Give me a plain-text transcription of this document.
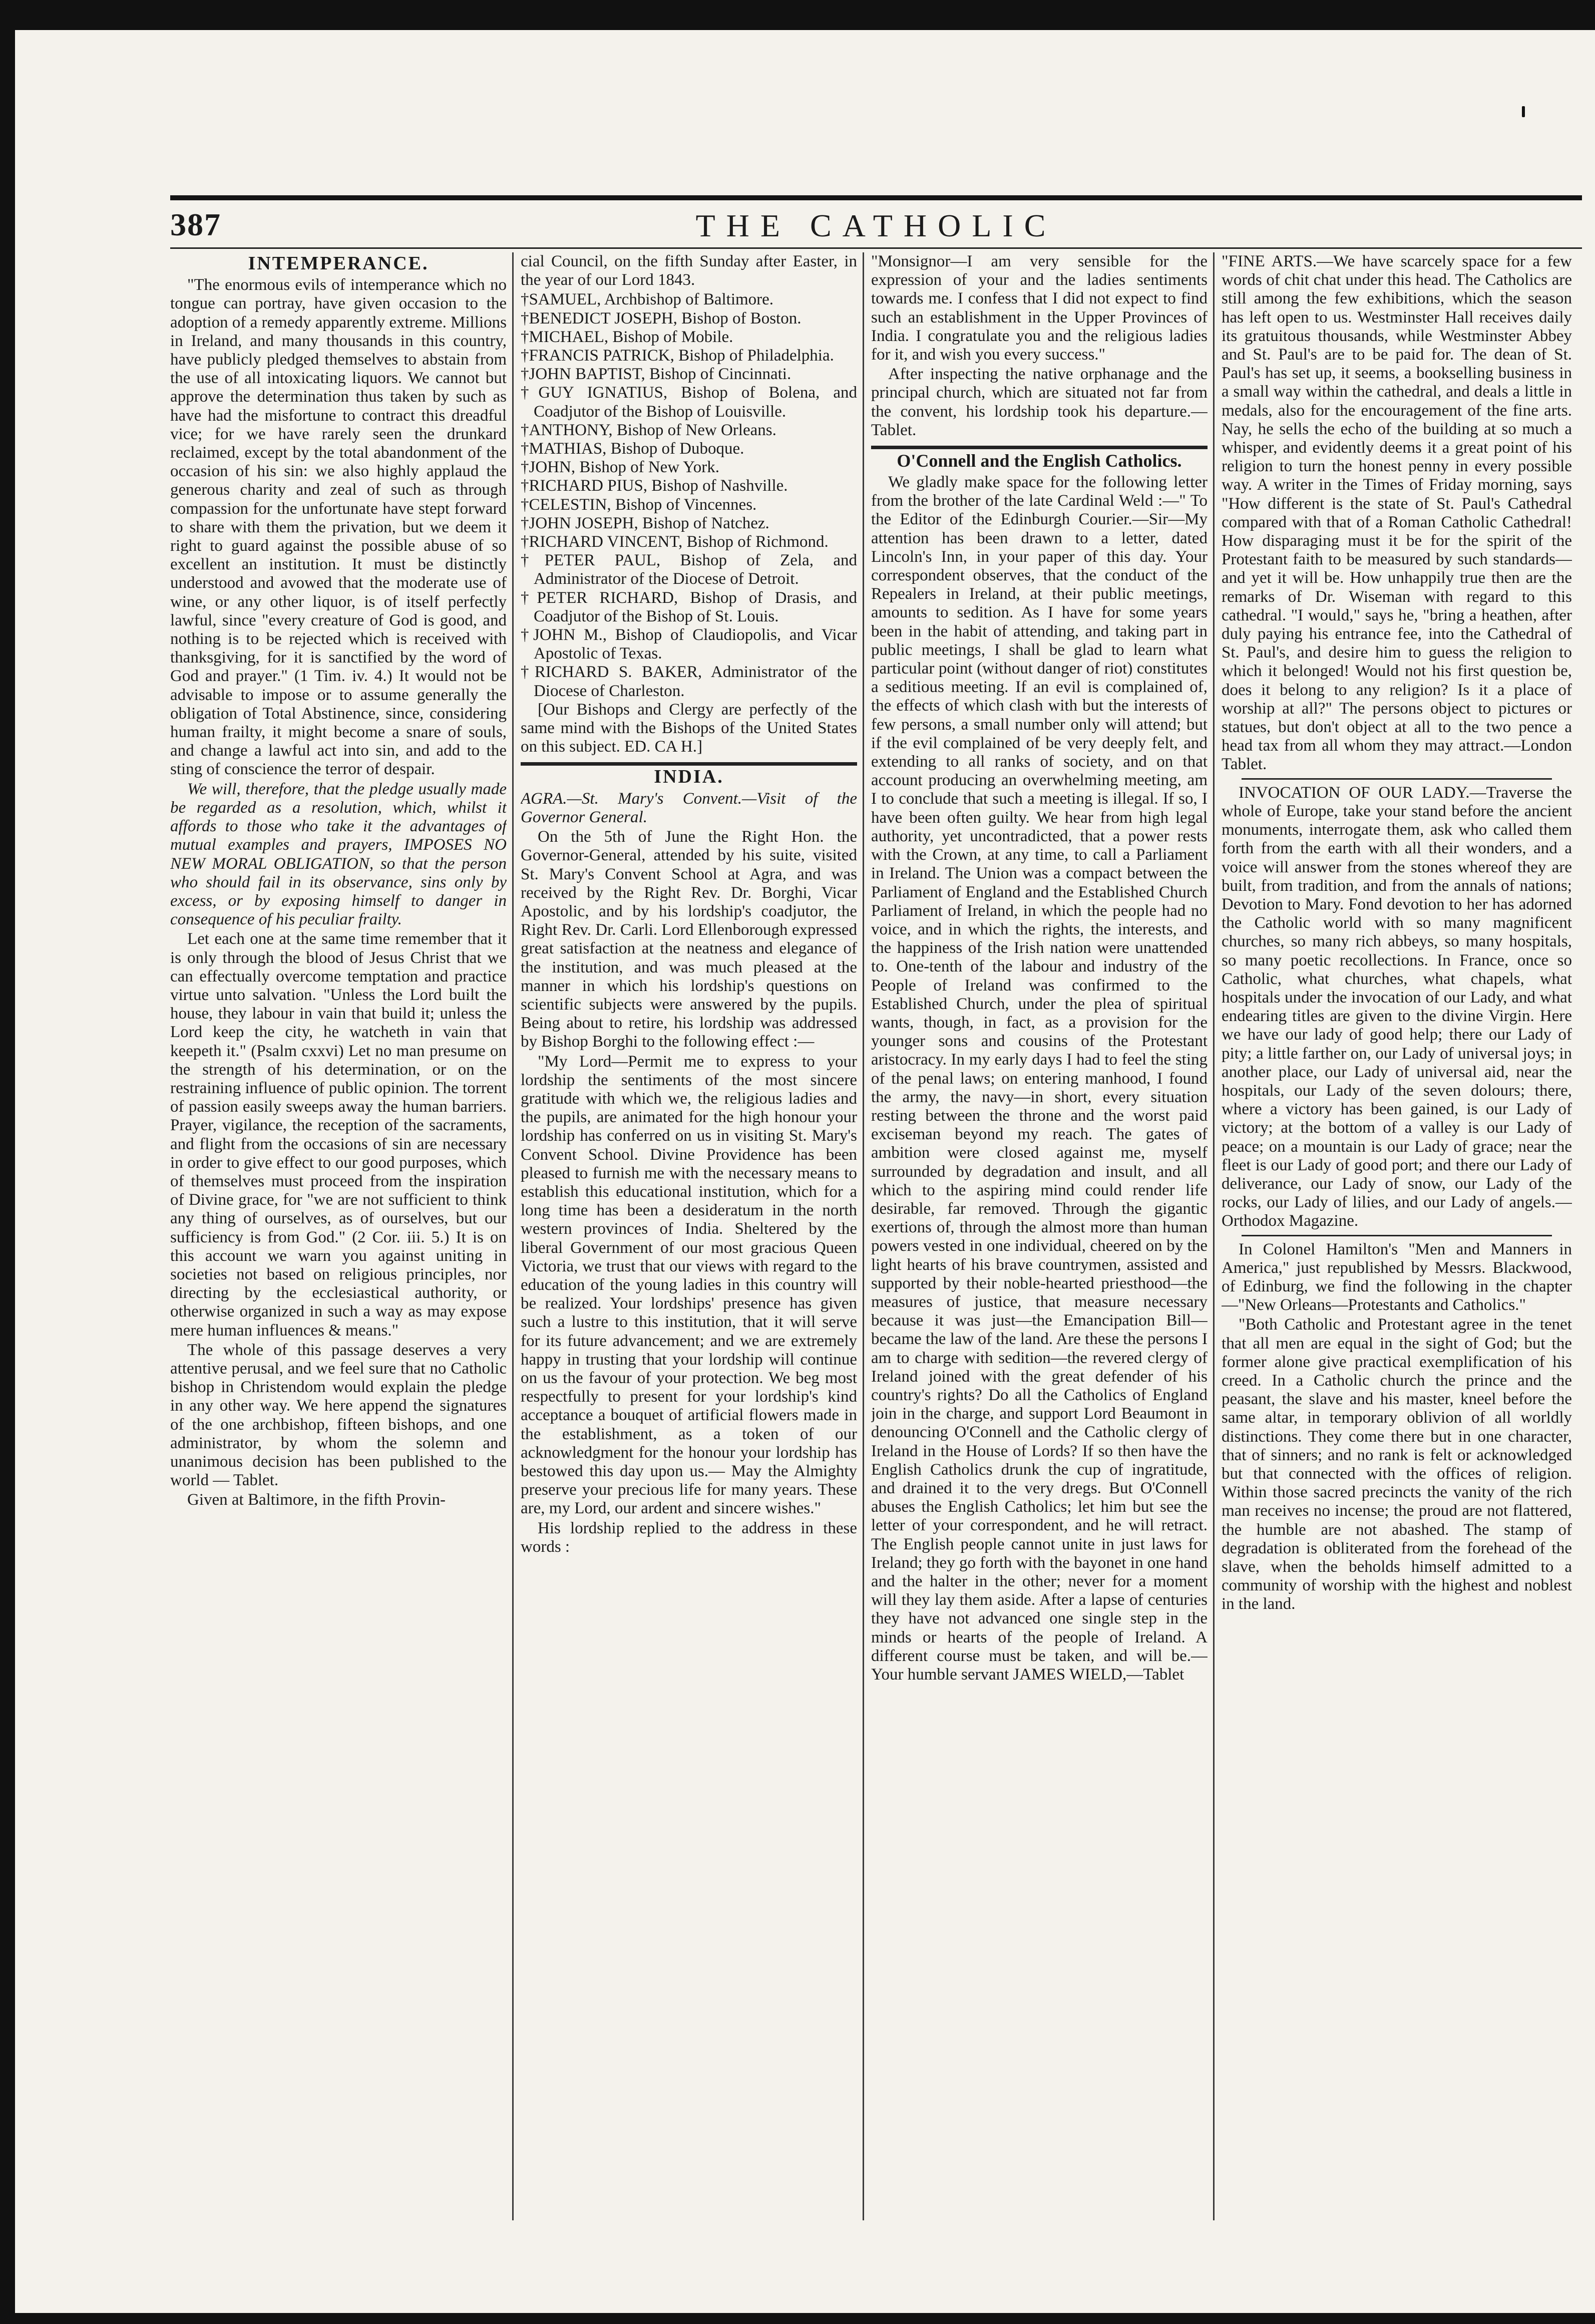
387	THE CATHOLIC
INTEMPERANCE.

"The enormous evils of intemperance which no tongue can portray, have given occasion to the adoption of a remedy apparently extreme. Millions in Ireland, and many thousands in this country, have publicly pledged themselves to abstain from the use of all intoxicating liquors. We cannot but approve the determination thus taken by such as have had the misfortune to contract this dreadful vice; for we have rarely seen the drunkard reclaimed, except by the total abandonment of the occasion of his sin: we also highly applaud the generous charity and zeal of such as through compassion for the unfortunate have stept forward to share with them the privation, but we deem it right to guard against the possible abuse of so excellent an institution. It must be distinctly understood and avowed that the moderate use of wine, or any other liquor, is of itself perfectly lawful, since "every creature of God is good, and nothing is to be rejected which is received with thanksgiving, for it is sanctified by the word of God and prayer." (1 Tim. iv. 4.) It would not be advisable to impose or to assume generally the obligation of Total Abstinence, since, considering human frailty, it might become a snare of souls, and change a lawful act into sin, and add to the sting of conscience the terror of despair.

We will, therefore, that the pledge usually made be regarded as a resolution, which, whilst it affords to those who take it the advantages of mutual examples and prayers, IMPOSES NO NEW MORAL OBLIGATION, so that the person who should fail in its observance, sins only by excess, or by exposing himself to danger in consequence of his peculiar frailty.

Let each one at the same time remember that it is only through the blood of Jesus Christ that we can effectually overcome temptation and practice virtue unto salvation. "Unless the Lord built the house, they labour in vain that build it; unless the Lord keep the city, he watcheth in vain that keepeth it." (Psalm cxxvi) Let no man presume on the strength of his determination, or on the restraining influence of public opinion. The torrent of passion easily sweeps away the human barriers. Prayer, vigilance, the reception of the sacraments, and flight from the occasions of sin are necessary in order to give effect to our good purposes, which of themselves must proceed from the inspiration of Divine grace, for "we are not sufficient to think any thing of ourselves, as of ourselves, but our sufficiency is from God." (2 Cor. iii. 5.) It is on this account we warn you against uniting in societies not based on religious principles, nor directing by the ecclesiastical authority, or otherwise organized in such a way as may expose mere human influences & means."

The whole of this passage deserves a very attentive perusal, and we feel sure that no Catholic bishop in Christendom would explain the pledge in any other way. We here append the signatures of the one archbishop, fifteen bishops, and one administrator, by whom the solemn and unanimous decision has been published to the world — Tablet.

Given at Baltimore, in the fifth Provin-

cial Council, on the fifth Sunday after Easter, in the year of our Lord 1843.

†SAMUEL, Archbishop of Baltimore.
†BENEDICT JOSEPH, Bishop of Boston.
†MICHAEL, Bishop of Mobile.
†FRANCIS PATRICK, Bishop of Philadelphia.
†JOHN BAPTIST, Bishop of Cincinnati.
†GUY IGNATIUS, Bishop of Bolena, and Coadjutor of the Bishop of Louisville.
†ANTHONY, Bishop of New Orleans.
†MATHIAS, Bishop of Duboque.
†JOHN, Bishop of New York.
†RICHARD PIUS, Bishop of Nashville.
†CELESTIN, Bishop of Vincennes.
†JOHN JOSEPH, Bishop of Natchez.
†RICHARD VINCENT, Bishop of Richmond.
†PETER PAUL, Bishop of Zela, and Administrator of the Diocese of Detroit.
†PETER RICHARD, Bishop of Drasis, and Coadjutor of the Bishop of St. Louis.
†JOHN M., Bishop of Claudiopolis, and Vicar Apostolic of Texas.
†RICHARD S. BAKER, Administrator of the Diocese of Charleston.

[Our Bishops and Clergy are perfectly of the same mind with the Bishops of the United States on this subject. ED. CA H.]

INDIA.

AGRA.—St. Mary's Convent.—Visit of the Governor General.

On the 5th of June the Right Hon. the Governor-General, attended by his suite, visited St. Mary's Convent School at Agra, and was received by the Right Rev. Dr. Borghi, Vicar Apostolic, and by his lordship's coadjutor, the Right Rev. Dr. Carli. Lord Ellenborough expressed great satisfaction at the neatness and elegance of the institution, and was much pleased at the manner in which his lordship's questions on scientific subjects were answered by the pupils. Being about to retire, his lordship was addressed by Bishop Borghi to the following effect :—

"My Lord—Permit me to express to your lordship the sentiments of the most sincere gratitude with which we, the religious ladies and the pupils, are animated for the high honour your lordship has conferred on us in visiting St. Mary's Convent School. Divine Providence has been pleased to furnish me with the necessary means to establish this educational institution, which for a long time has been a desideratum in the north western provinces of India. Sheltered by the liberal Government of our most gracious Queen Victoria, we trust that our views with regard to the education of the young ladies in this country will be realized. Your lordships' presence has given such a lustre to this institution, that it will serve for its future advancement; and we are extremely happy in trusting that your lordship will continue on us the favour of your protection. We beg most respectfully to present for your lordship's kind acceptance a bouquet of artificial flowers made in the establishment, as a token of our acknowledgment for the honour your lordship has bestowed this day upon us.— May the Almighty preserve your precious life for many years. These are, my Lord, our ardent and sincere wishes."

His lordship replied to the address in these words :

"Monsignor—I am very sensible for the expression of your and the ladies sentiments towards me. I confess that I did not expect to find such an establishment in the Upper Provinces of India. I congratulate you and the religious ladies for it, and wish you every success."

After inspecting the native orphanage and the principal church, which are situated not far from the convent, his lordship took his departure.— Tablet.

O'Connell and the English Catholics.

We gladly make space for the following letter from the brother of the late Cardinal Weld :—" To the Editor of the Edinburgh Courier.—Sir—My attention has been drawn to a letter, dated Lincoln's Inn, in your paper of this day. Your correspondent observes, that the conduct of the Repealers in Ireland, at their public meetings, amounts to sedition. As I have for some years been in the habit of attending, and taking part in public meetings, I shall be glad to learn what particular point (without danger of riot) constitutes a seditious meeting. If an evil is complained of, the effects of which clash with but the interests of few persons, a small number only will attend; but if the evil complained of be very deeply felt, and extending to all ranks of society, and on that account producing an overwhelming meeting, am I to conclude that such a meeting is illegal. If so, I have been often guilty. We hear from high legal authority, yet uncontradicted, that a power rests with the Crown, at any time, to call a Parliament in Ireland. The Union was a compact between the Parliament of England and the Established Church Parliament of Ireland, in which the people had no voice, and in which the rights, the interests, and the happiness of the Irish nation were unattended to. One-tenth of the labour and industry of the People of Ireland was confirmed to the Established Church, under the plea of spiritual wants, though, in fact, as a provision for the younger sons and cousins of the Protestant aristocracy. In my early days I had to feel the sting of the penal laws; on entering manhood, I found the army, the navy—in short, every situation resting between the throne and the worst paid exciseman beyond my reach. The gates of ambition were closed against me, myself surrounded by degradation and insult, and all which to the aspiring mind could render life desirable, far removed. Through the gigantic exertions of, through the almost more than human powers vested in one individual, cheered on by the light hearts of his brave countrymen, assisted and supported by their noble-hearted priesthood—the measures of justice, that measure necessary because it was just—the Emancipation Bill—became the law of the land. Are these the persons I am to charge with sedition—the revered clergy of Ireland joined with the great defender of his country's rights? Do all the Catholics of England join in the charge, and support Lord Beaumont in denouncing O'Connell and the Catholic clergy of Ireland in the House of Lords? If so then have the English Catholics drunk the cup of ingratitude, and drained it to the very dregs. But O'Connell abuses the English Catholics; let him but see the letter of your correspondent, and he will retract. The English people cannot unite in just laws for Ireland; they go forth with the bayonet in one hand and the halter in the other; never for a moment will they lay them aside. After a lapse of centuries they have not advanced one single step in the minds or hearts of the people of Ireland. A different course must be taken, and will be.— Your humble servant JAMES WIELD,—Tablet

"FINE ARTS.—We have scarcely space for a few words of chit chat under this head. The Catholics are still among the few exhibitions, which the season has left open to us. Westminster Hall receives daily its gratuitous thousands, while Westminster Abbey and St. Paul's are to be paid for. The dean of St. Paul's has set up, it seems, a bookselling business in a small way within the cathedral, and deals a little in medals, also for the encouragement of the fine arts. Nay, he sells the echo of the building at so much a whisper, and evidently deems it a great point of his religion to turn the honest penny in every possible way. A writer in the Times of Friday morning, says "How different is the state of St. Paul's Cathedral compared with that of a Roman Catholic Cathedral! How disparaging must it be for the spirit of the Protestant faith to be measured by such standards—and yet it will be. How unhappily true then are the remarks of Dr. Wiseman with regard to this cathedral. "I would," says he, "bring a heathen, after duly paying his entrance fee, into the Cathedral of St. Paul's, and desire him to guess the religion to which it belonged! Would not his first question be, does it belong to any religion? Is it a place of worship at all?" The persons object to pictures or statues, but don't object at all to the two pence a head tax from all whom they may attract.—London Tablet.

INVOCATION OF OUR LADY.—Traverse the whole of Europe, take your stand before the ancient monuments, interrogate them, ask who called them forth from the earth with all their wonders, and a voice will answer from the stones whereof they are built, from tradition, and from the annals of nations; Devotion to Mary. Fond devotion to her has adorned the Catholic world with so many magnificent churches, so many rich abbeys, so many hospitals, so many poetic recollections. In France, once so Catholic, what churches, what chapels, what hospitals under the invocation of our Lady, and what endearing titles are given to the divine Virgin. Here we have our lady of good help; there our Lady of pity; a little farther on, our Lady of universal joys; in another place, our Lady of universal aid, near the hospitals, our Lady of the seven dolours; there, where a victory has been gained, is our Lady of victory; at the bottom of a valley is our Lady of peace; on a mountain is our Lady of grace; near the fleet is our Lady of good port; and there our Lady of deliverance, our Lady of snow, our Lady of the rocks, our Lady of lilies, and our Lady of angels.—Orthodox Magazine.

In Colonel Hamilton's "Men and Manners in America," just republished by Messrs. Blackwood, of Edinburg, we find the following in the chapter—"New Orleans—Protestants and Catholics."

"Both Catholic and Protestant agree in the tenet that all men are equal in the sight of God; but the former alone give practical exemplification of his creed. In a Catholic church the prince and the peasant, the slave and his master, kneel before the same altar, in temporary oblivion of all worldly distinctions. They come there but in one character, that of sinners; and no rank is felt or acknowledged but that connected with the offices of religion. Within those sacred precincts the vanity of the rich man receives no incense; the proud are not flattered, the humble are not abashed. The stamp of degradation is obliterated from the forehead of the slave, when the beholds himself admitted to a community of worship with the highest and noblest in the land.
